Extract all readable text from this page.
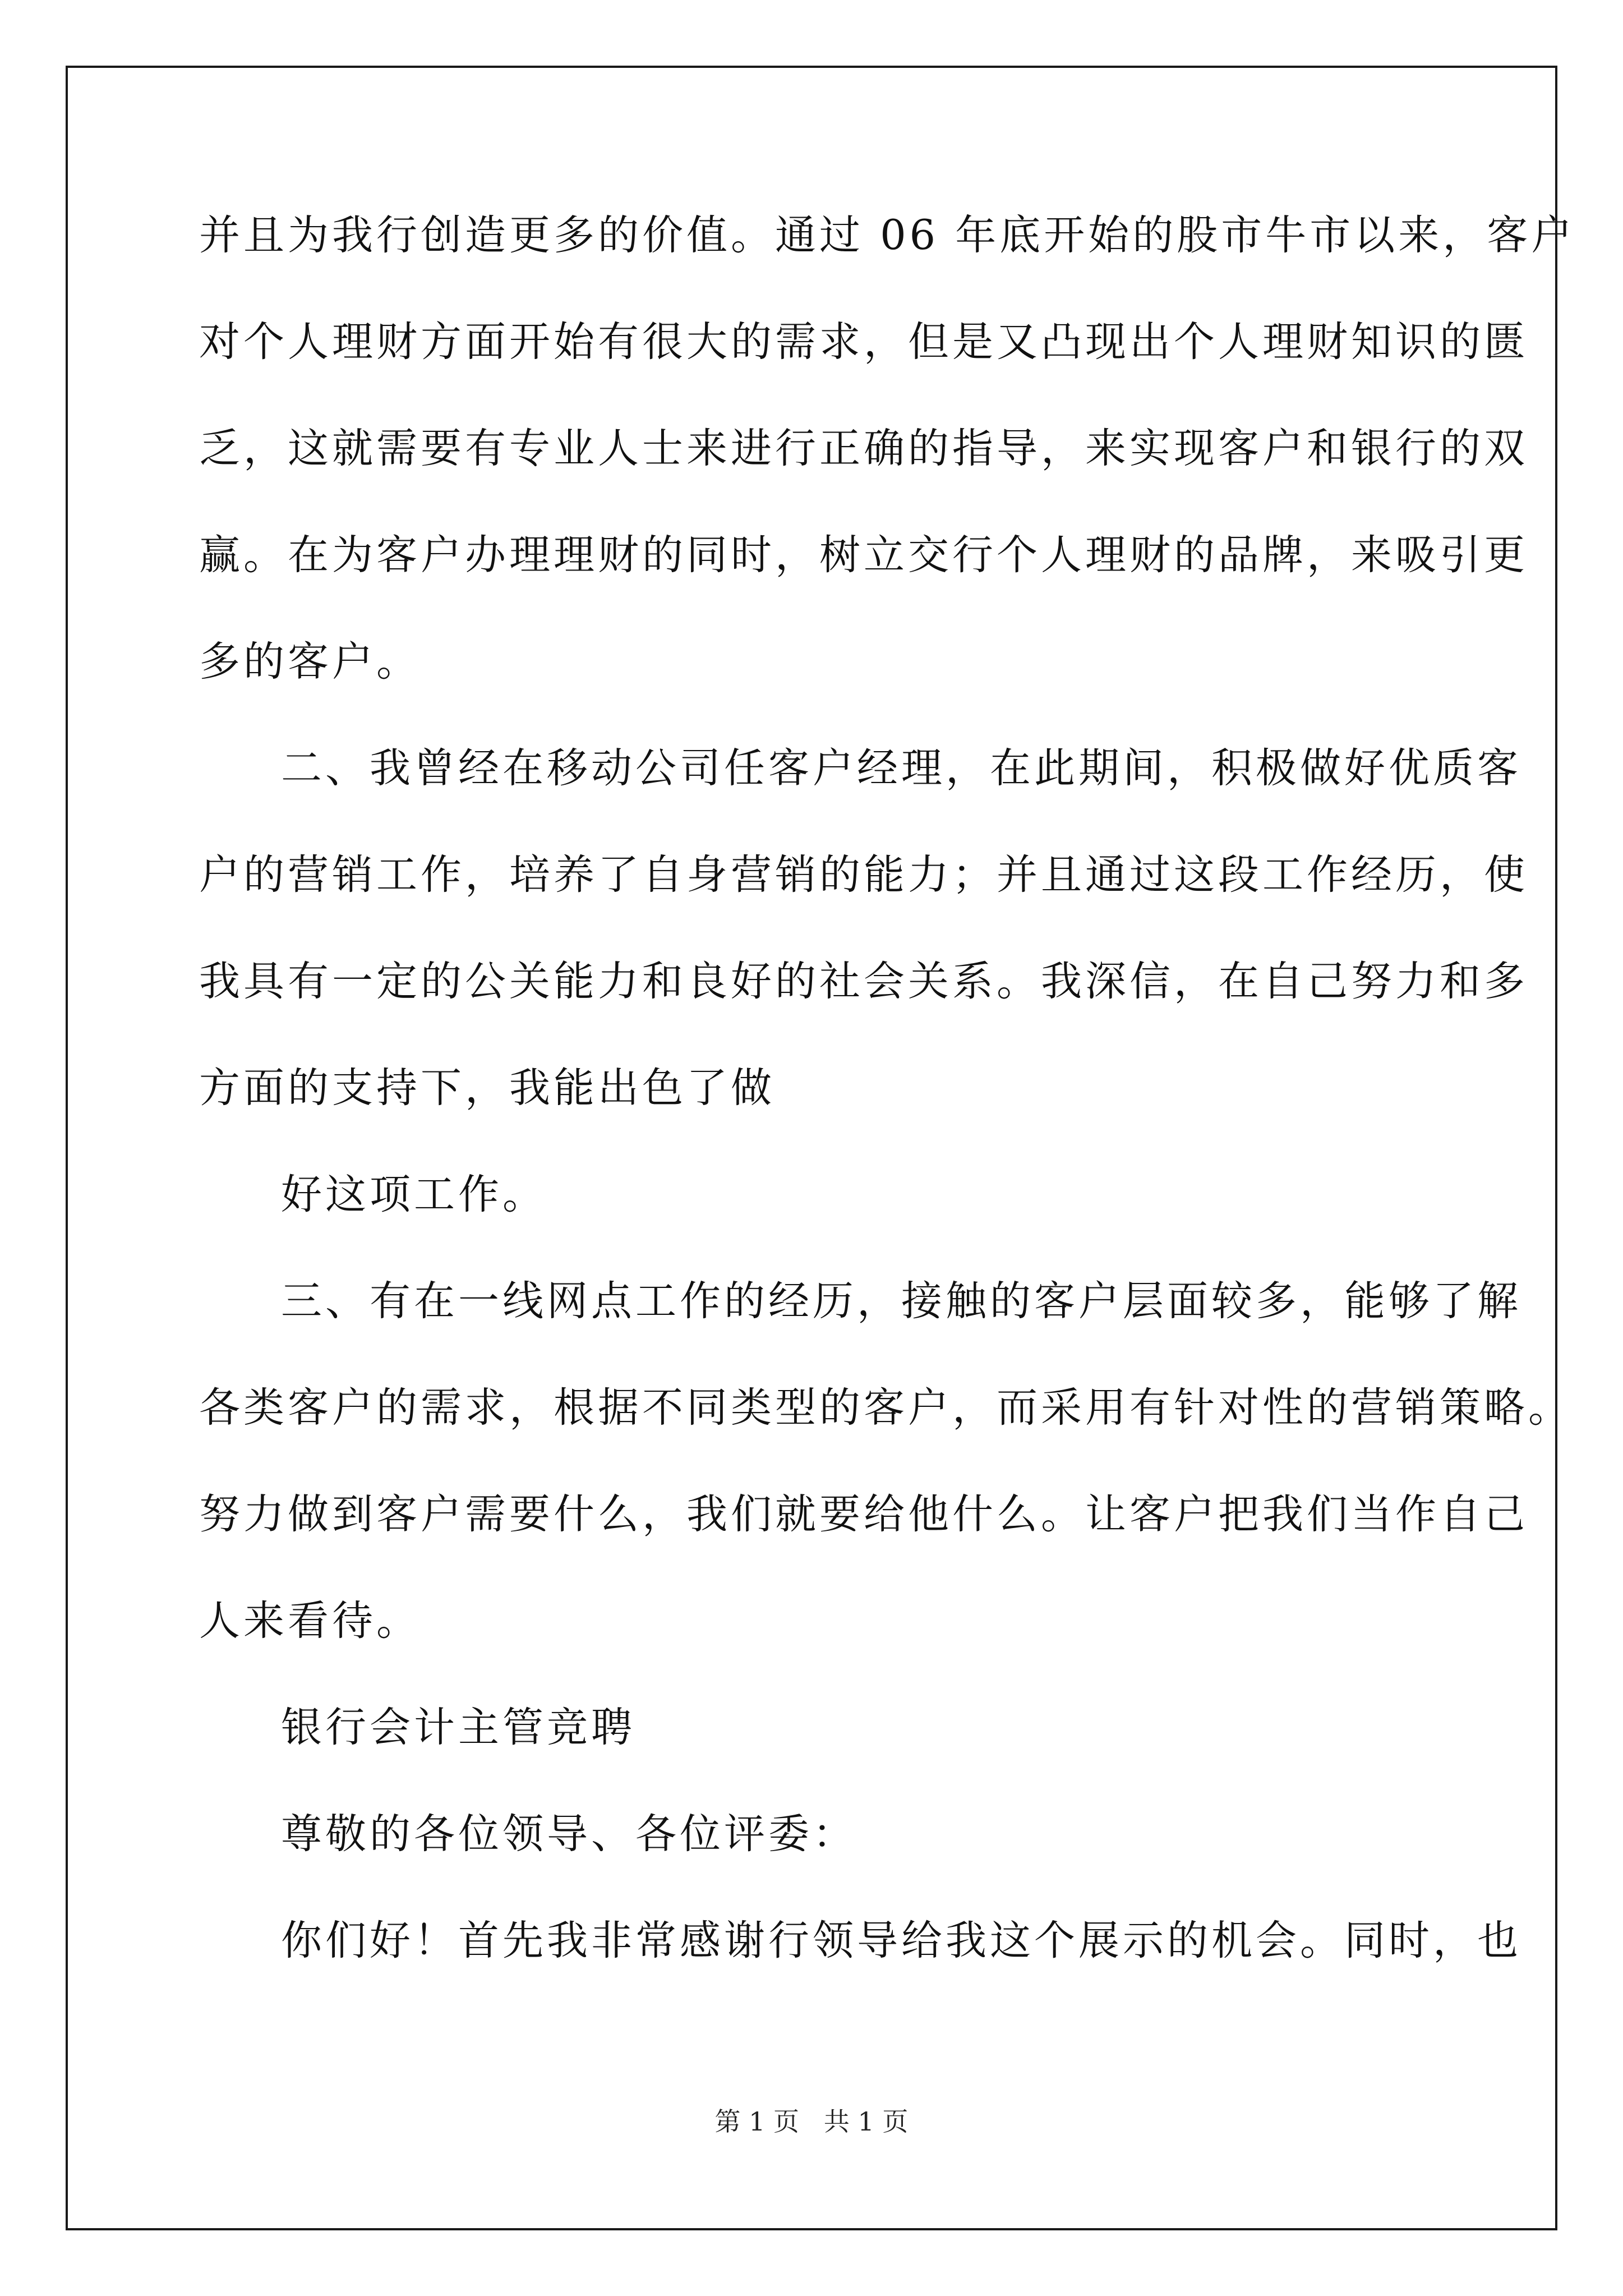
并且为我行创造更多的价值。通过 06 年底开始的股市牛市以来，客户
对个人理财方面开始有很大的需求，但是又凸现出个人理财知识的匮
乏，这就需要有专业人士来进行正确的指导，来实现客户和银行的双
赢。在为客户办理理财的同时，树立交行个人理财的品牌，来吸引更
多的客户。
二、我曾经在移动公司任客户经理，在此期间，积极做好优质客
户的营销工作，培养了自身营销的能力；并且通过这段工作经历，使
我具有一定的公关能力和良好的社会关系。我深信，在自己努力和多
方面的支持下，我能出色了做
好这项工作。
三、有在一线网点工作的经历，接触的客户层面较多，能够了解
各类客户的需求，根据不同类型的客户，而采用有针对性的营销策略。
努力做到客户需要什么，我们就要给他什么。让客户把我们当作自己
人来看待。
银行会计主管竞聘
尊敬的各位领导、各位评委：
你们好！首先我非常感谢行领导给我这个展示的机会。同时，也
第 1 页   共 1 页
